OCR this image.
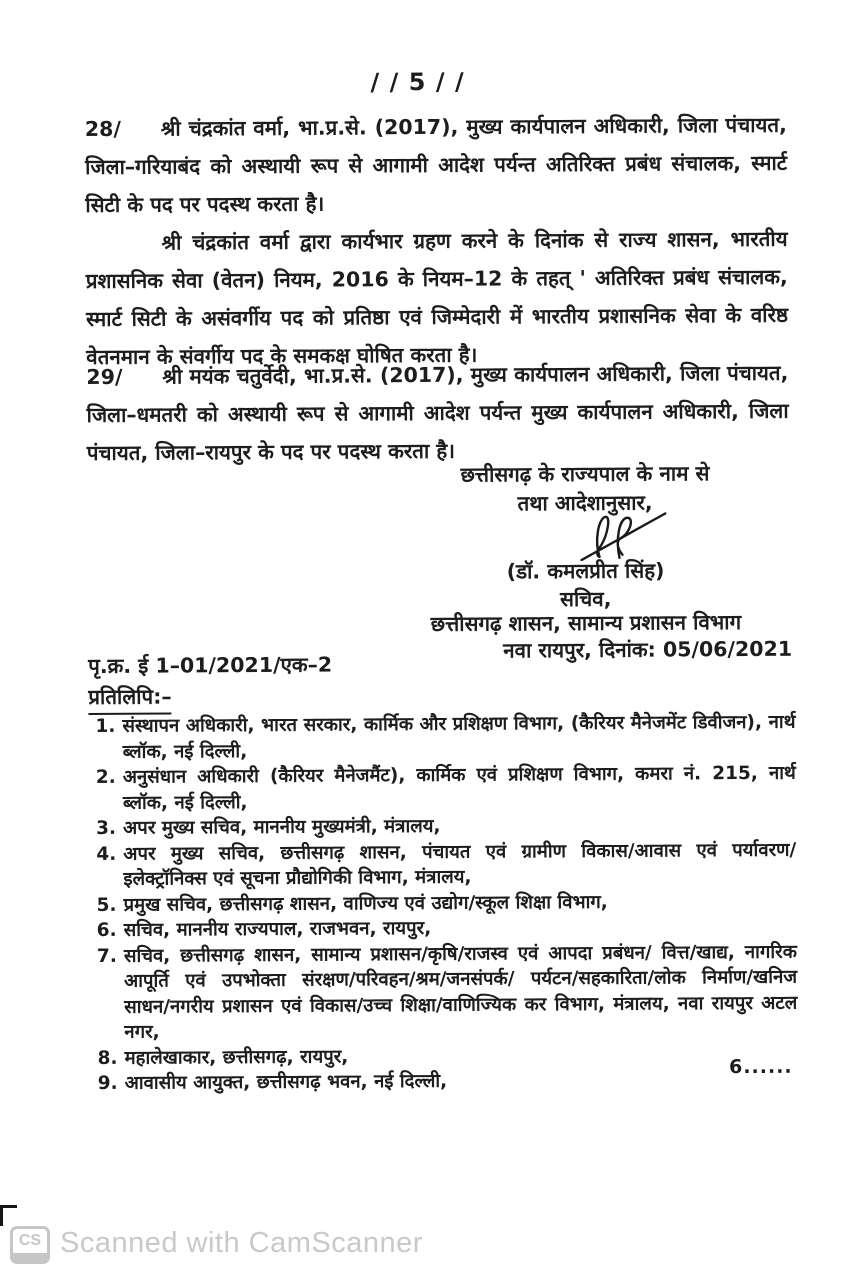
/ / 5 / /
28/	श्री चंद्रकांत वर्मा, भा.प्र.से. (2017), मुख्य कार्यपालन अधिकारी, जिला पंचायत, जिला–गरियाबंद को अस्थायी रूप से आगामी आदेश पर्यन्त अतिरिक्त प्रबंध संचालक, स्मार्ट सिटी के पद पर पदस्थ करता है।

श्री चंद्रकांत वर्मा द्वारा कार्यभार ग्रहण करने के दिनांक से राज्य शासन, भारतीय प्रशासनिक सेवा (वेतन) नियम, 2016 के नियम–12 के तहत् ' अतिरिक्त प्रबंध संचालक, स्मार्ट सिटी के असंवर्गीय पद को प्रतिष्ठा एवं जिम्मेदारी में भारतीय प्रशासनिक सेवा के वरिष्ठ वेतनमान के संवर्गीय पद के समकक्ष घोषित करता है।

29/	श्री मयंक चतुर्वेदी, भा.प्र.से. (2017), मुख्य कार्यपालन अधिकारी, जिला पंचायत, जिला–धमतरी को अस्थायी रूप से आगामी आदेश पर्यन्त मुख्य कार्यपालन अधिकारी, जिला पंचायत, जिला–रायपुर के पद पर पदस्थ करता है।

छत्तीसगढ़ के राज्यपाल के नाम से
तथा आदेशानुसार,
(डॉ. कमलप्रीत सिंह)
सचिव,
छत्तीसगढ़ शासन, सामान्य प्रशासन विभाग
पृ.क्र. ई 1–01/2021/एक–2
नवा रायपुर, दिनांक: 05/06/2021
प्रतिलिपि:–
1. संस्थापन अधिकारी, भारत सरकार, कार्मिक और प्रशिक्षण विभाग, (कैरियर मैनेजमेंट डिवीजन), नार्थ ब्लॉक, नई दिल्ली,
2. अनुसंधान अधिकारी (कैरियर मैनेजमैंट), कार्मिक एवं प्रशिक्षण विभाग, कमरा नं. 215, नार्थ ब्लॉक, नई दिल्ली,
3. अपर मुख्य सचिव, माननीय मुख्यमंत्री, मंत्रालय,
4. अपर मुख्य सचिव, छत्तीसगढ़ शासन, पंचायत एवं ग्रामीण विकास/आवास एवं पर्यावरण/ इलेक्ट्रॉनिक्स एवं सूचना प्रौद्योगिकी विभाग, मंत्रालय,
5. प्रमुख सचिव, छत्तीसगढ़ शासन, वाणिज्य एवं उद्योग/स्कूल शिक्षा विभाग,
6. सचिव, माननीय राज्यपाल, राजभवन, रायपुर,
7. सचिव, छत्तीसगढ़ शासन, सामान्य प्रशासन/कृषि/राजस्व एवं आपदा प्रबंधन/ वित्त/खाद्य, नागरिक आपूर्ति एवं उपभोक्ता संरक्षण/परिवहन/श्रम/जनसंपर्क/ पर्यटन/सहकारिता/लोक निर्माण/खनिज साधन/नगरीय प्रशासन एवं विकास/उच्च शिक्षा/वाणिज्यिक कर विभाग, मंत्रालय, नवा रायपुर अटल नगर,
8. महालेखाकार, छत्तीसगढ़, रायपुर,
9. आवासीय आयुक्त, छत्तीसगढ़ भवन, नई दिल्ली,
6......
CS Scanned with CamScanner
